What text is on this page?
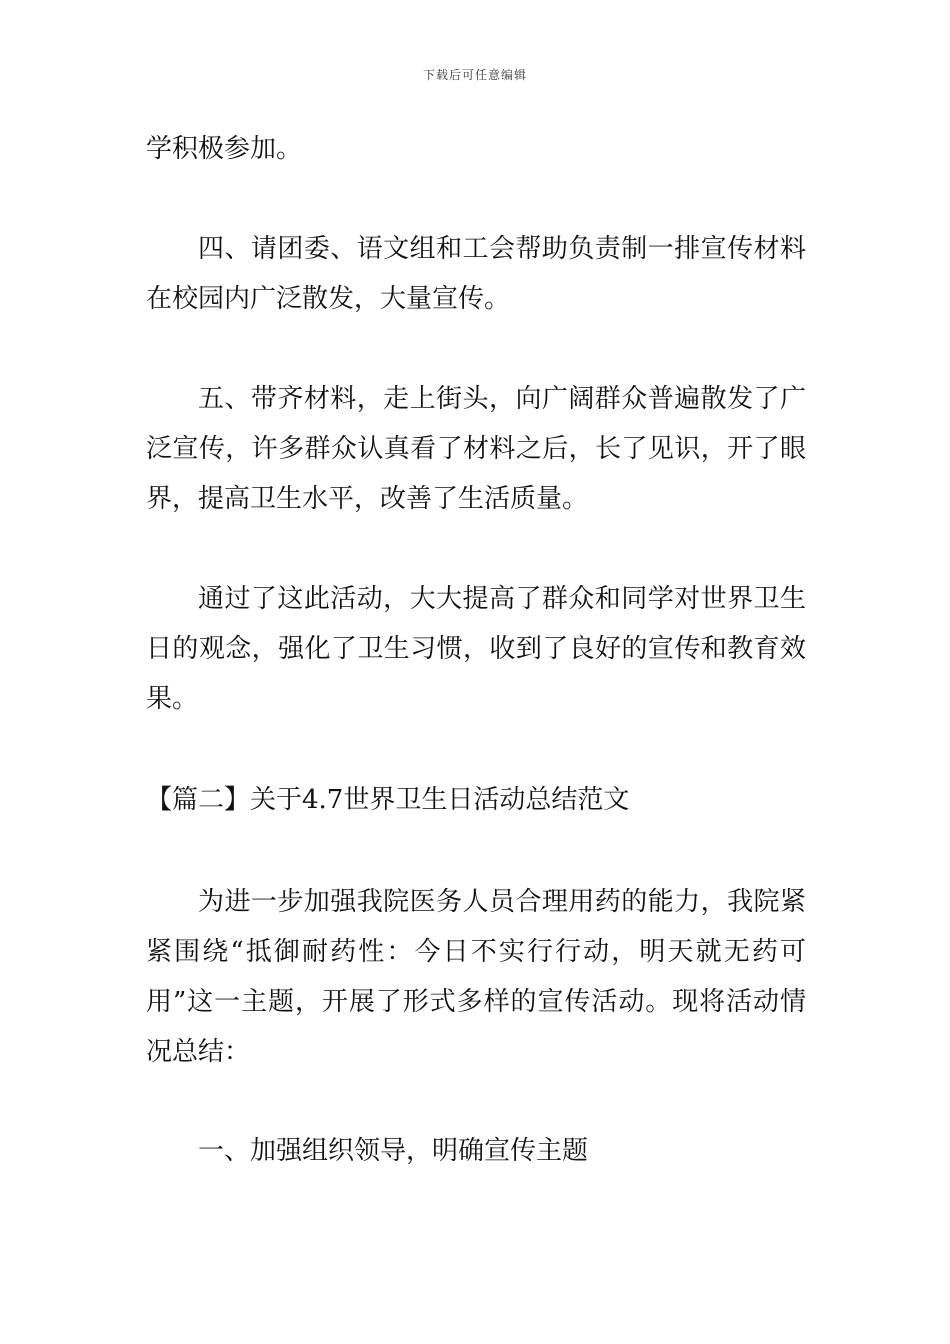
下载后可任意编辑

学积极参加。

四、请团委、语文组和工会帮助负责制一排宣传材料在校园内广泛散发，大量宣传。

五、带齐材料，走上街头，向广阔群众普遍散发了广泛宣传，许多群众认真看了材料之后，长了见识，开了眼界，提高卫生水平，改善了生活质量。

通过了这此活动，大大提高了群众和同学对世界卫生日的观念，强化了卫生习惯，收到了良好的宣传和教育效果。

【篇二】关于4.7世界卫生日活动总结范文

为进一步加强我院医务人员合理用药的能力，我院紧紧围绕“抵御耐药性：今日不实行行动，明天就无药可用”这一主题，开展了形式多样的宣传活动。现将活动情况总结：

一、加强组织领导，明确宣传主题
